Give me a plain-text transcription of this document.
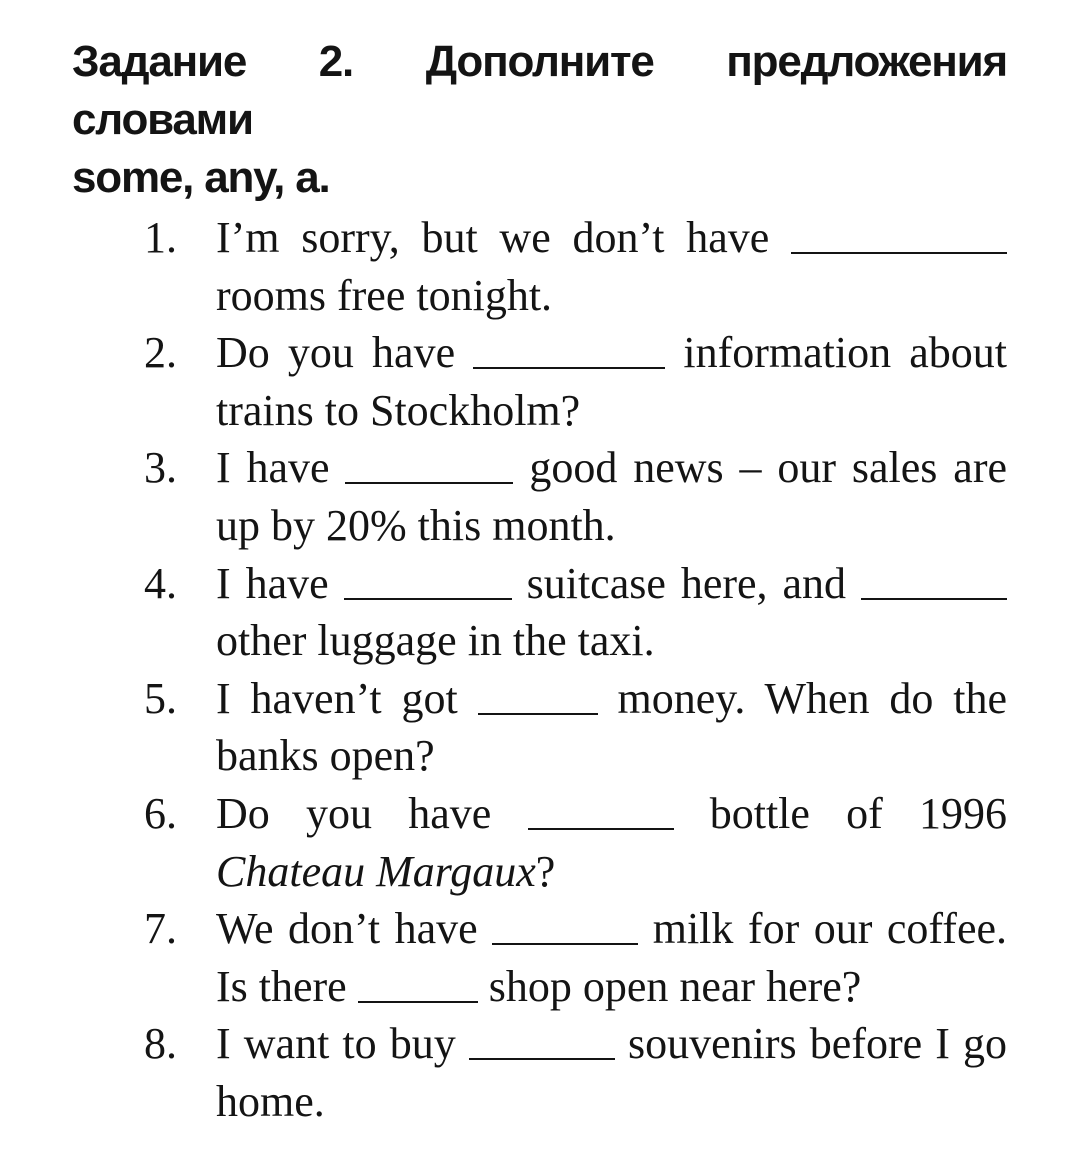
Задание 2. Дополните предложения словами
some, any, a.
1. I’m sorry, but we don’t have  rooms free tonight.
2. Do you have	information about trains to Stockholm?
3. I have	good news – our sales are up by 20% this month.
4. I have	suitcase here, and  other luggage in the taxi.
5. I haven’t got	money. When do the banks open?
6. Do you have	bottle of 1996 Chateau Margaux?
7. We don’t have	milk for our coffee. Is there	shop open near here?
8. I want to buy	souvenirs before I go home.
